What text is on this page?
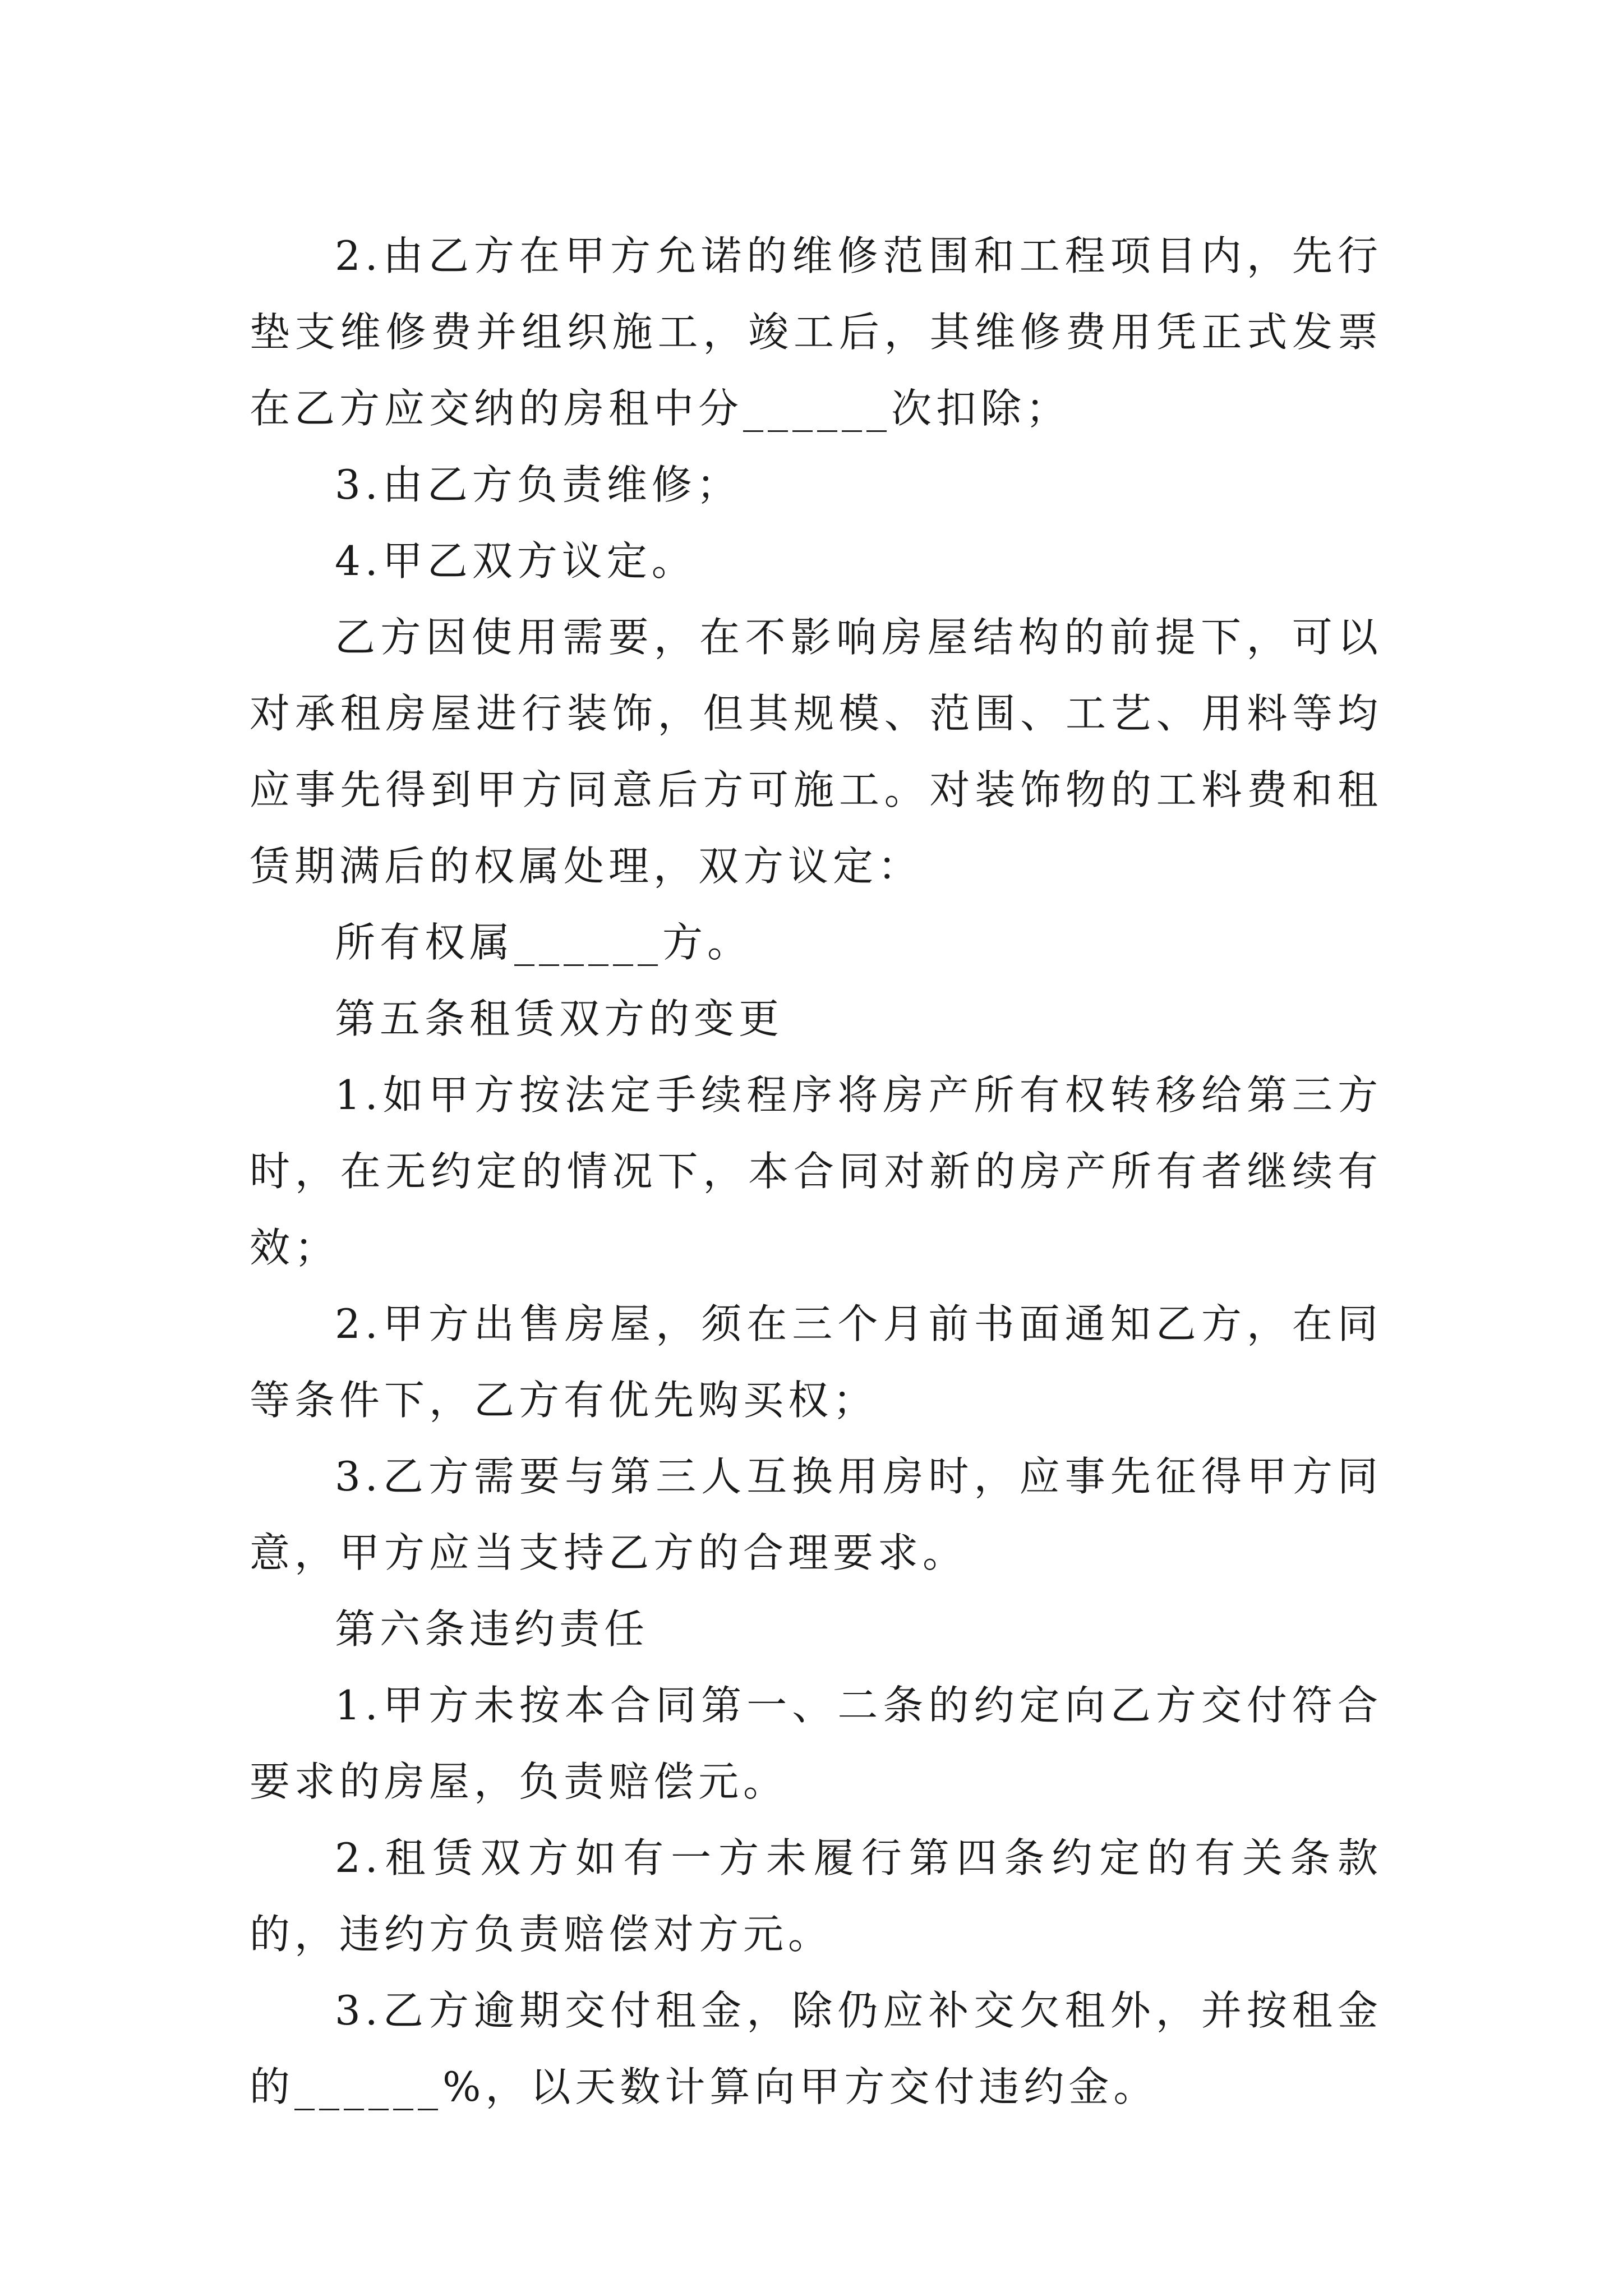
2.由乙方在甲方允诺的维修范围和工程项目内，先行垫支维修费并组织施工，竣工后，其维修费用凭正式发票在乙方应交纳的房租中分______次扣除；

3.由乙方负责维修；

4.甲乙双方议定。

乙方因使用需要，在不影响房屋结构的前提下，可以对承租房屋进行装饰，但其规模、范围、工艺、用料等均应事先得到甲方同意后方可施工。对装饰物的工料费和租赁期满后的权属处理，双方议定：

所有权属______方。

第五条租赁双方的变更

1.如甲方按法定手续程序将房产所有权转移给第三方时，在无约定的情况下，本合同对新的房产所有者继续有效；

2.甲方出售房屋，须在三个月前书面通知乙方，在同等条件下，乙方有优先购买权；

3.乙方需要与第三人互换用房时，应事先征得甲方同意，甲方应当支持乙方的合理要求。

第六条违约责任

1.甲方未按本合同第一、二条的约定向乙方交付符合要求的房屋，负责赔偿元。

2.租赁双方如有一方未履行第四条约定的有关条款的，违约方负责赔偿对方元。

3.乙方逾期交付租金，除仍应补交欠租外，并按租金的______%，以天数计算向甲方交付违约金。
